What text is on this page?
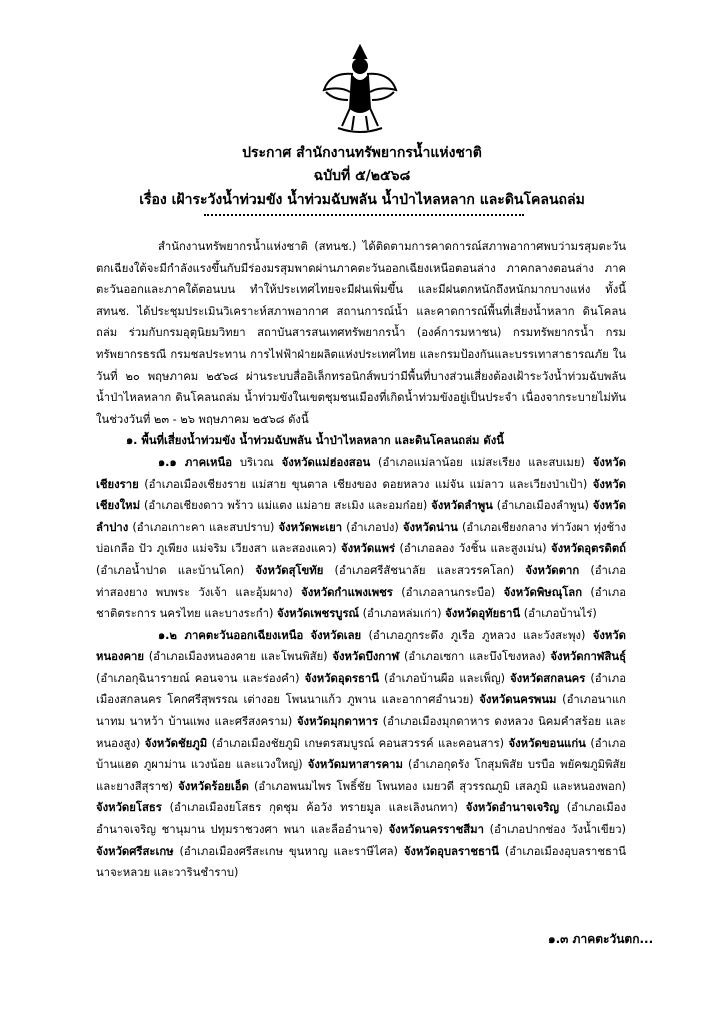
ประกาศ สำนักงานทรัพยากรน้ำแห่งชาติ
ฉบับที่ ๕/๒๕๖๘
เรื่อง เฝ้าระวังน้ำท่วมขัง น้ำท่วมฉับพลัน น้ำป่าไหลหลาก และดินโคลนถล่ม

สำนักงานทรัพยากรน้ำแห่งชาติ (สทนช.) ได้ติดตามการคาดการณ์สภาพอากาศพบว่ามรสุมตะวันตกเฉียงใต้จะมีกำลังแรงขึ้นกับมีร่องมรสุมพาดผ่านภาคตะวันออกเฉียงเหนือตอนล่าง ภาคกลางตอนล่าง ภาคตะวันออกและภาคใต้ตอนบน ทำให้ประเทศไทยจะมีฝนเพิ่มขึ้น และมีฝนตกหนักถึงหนักมากบางแห่ง ทั้งนี้ สทนช. ได้ประชุมประเมินวิเคราะห์สภาพอากาศ สถานการณ์น้ำ และคาดการณ์พื้นที่เสี่ยงน้ำหลาก ดินโคลนถล่ม ร่วมกับกรมอุตุนิยมวิทยา สถาบันสารสนเทศทรัพยากรน้ำ (องค์การมหาชน) กรมทรัพยากรน้ำ กรมทรัพยากรธรณี กรมชลประทาน การไฟฟ้าฝ่ายผลิตแห่งประเทศไทย และกรมป้องกันและบรรเทาสาธารณภัย ในวันที่ ๒๐ พฤษภาคม ๒๕๖๘ ผ่านระบบสื่ออิเล็กทรอนิกส์พบว่ามีพื้นที่บางส่วนเสี่ยงต้องเฝ้าระวังน้ำท่วมฉับพลัน น้ำป่าไหลหลาก ดินโคลนถล่ม น้ำท่วมขังในเขตชุมชนเมืองที่เกิดน้ำท่วมขังอยู่เป็นประจำ เนื่องจากระบายไม่ทัน ในช่วงวันที่ ๒๓ - ๒๖ พฤษภาคม ๒๕๖๘ ดังนี้

๑. พื้นที่เสี่ยงน้ำท่วมขัง น้ำท่วมฉับพลัน น้ำป่าไหลหลาก และดินโคลนถล่ม ดังนี้

๑.๑ ภาคเหนือ บริเวณ จังหวัดแม่ฮ่องสอน (อำเภอแม่ลาน้อย แม่สะเรียง และสบเมย) จังหวัดเชียงราย (อำเภอเมืองเชียงราย แม่สาย ขุนตาล เชียงของ ดอยหลวง แม่จัน แม่ลาว และเวียงป่าเป้า) จังหวัดเชียงใหม่ (อำเภอเชียงดาว พร้าว แม่แตง แม่อาย สะเมิง และอมก๋อย) จังหวัดลำพูน (อำเภอเมืองลำพูน) จังหวัดลำปาง (อำเภอเกาะคา และสบปราบ) จังหวัดพะเยา (อำเภอปง) จังหวัดน่าน (อำเภอเชียงกลาง ท่าวังผา ทุ่งช้าง บ่อเกลือ ปัว ภูเพียง แม่จริม เวียงสา และสองแคว) จังหวัดแพร่ (อำเภอลอง วังชิ้น และสูงเม่น) จังหวัดอุตรดิตถ์ (อำเภอน้ำปาด และบ้านโคก) จังหวัดสุโขทัย (อำเภอศรีสัชนาลัย และสวรรคโลก) จังหวัดตาก (อำเภอท่าสองยาง พบพระ วังเจ้า และอุ้มผาง) จังหวัดกำแพงเพชร (อำเภอลานกระบือ) จังหวัดพิษณุโลก (อำเภอชาติตระการ นครไทย และบางระกำ) จังหวัดเพชรบูรณ์ (อำเภอหล่มเก่า) จังหวัดอุทัยธานี (อำเภอบ้านไร่)

๑.๒ ภาคตะวันออกเฉียงเหนือ จังหวัดเลย (อำเภอภูกระดึง ภูเรือ ภูหลวง และวังสะพุง) จังหวัดหนองคาย (อำเภอเมืองหนองคาย และโพนพิสัย) จังหวัดบึงกาฬ (อำเภอเซกา และบึงโขงหลง) จังหวัดกาฬสินธุ์ (อำเภอกุฉินารายณ์ คอนจาน และร่องคำ) จังหวัดอุดรธานี (อำเภอบ้านผือ และเพ็ญ) จังหวัดสกลนคร (อำเภอเมืองสกลนคร โคกศรีสุพรรณ เต่างอย โพนนาแก้ว ภูพาน และอากาศอำนวย) จังหวัดนครพนม (อำเภอนาแก นาทม นาหว้า บ้านแพง และศรีสงคราม) จังหวัดมุกดาหาร (อำเภอเมืองมุกดาหาร ดงหลวง นิคมคำสร้อย และหนองสูง) จังหวัดชัยภูมิ (อำเภอเมืองชัยภูมิ เกษตรสมบูรณ์ คอนสวรรค์ และคอนสาร) จังหวัดขอนแก่น (อำเภอบ้านแฮด ภูผาม่าน แวงน้อย และแวงใหญ่) จังหวัดมหาสารคาม (อำเภอกุดรัง โกสุมพิสัย บรบือ พยัคฆภูมิพิสัย และยางสีสุราช) จังหวัดร้อยเอ็ด (อำเภอพนมไพร โพธิ์ชัย โพนทอง เมยวดี สุวรรณภูมิ เสลภูมิ และหนองพอก) จังหวัดยโสธร (อำเภอเมืองยโสธร กุดชุม ค้อวัง ทรายมูล และเลิงนกทา) จังหวัดอำนาจเจริญ (อำเภอเมืองอำนาจเจริญ ชานุมาน ปทุมราชวงศา พนา และลืออำนาจ) จังหวัดนครราชสีมา (อำเภอปากช่อง วังน้ำเขียว) จังหวัดศรีสะเกษ (อำเภอเมืองศรีสะเกษ ขุนหาญ และราษีไศล) จังหวัดอุบลราชธานี (อำเภอเมืองอุบลราชธานี นาจะหลวย และวารินชำราบ)

๑.๓ ภาคตะวันตก...
